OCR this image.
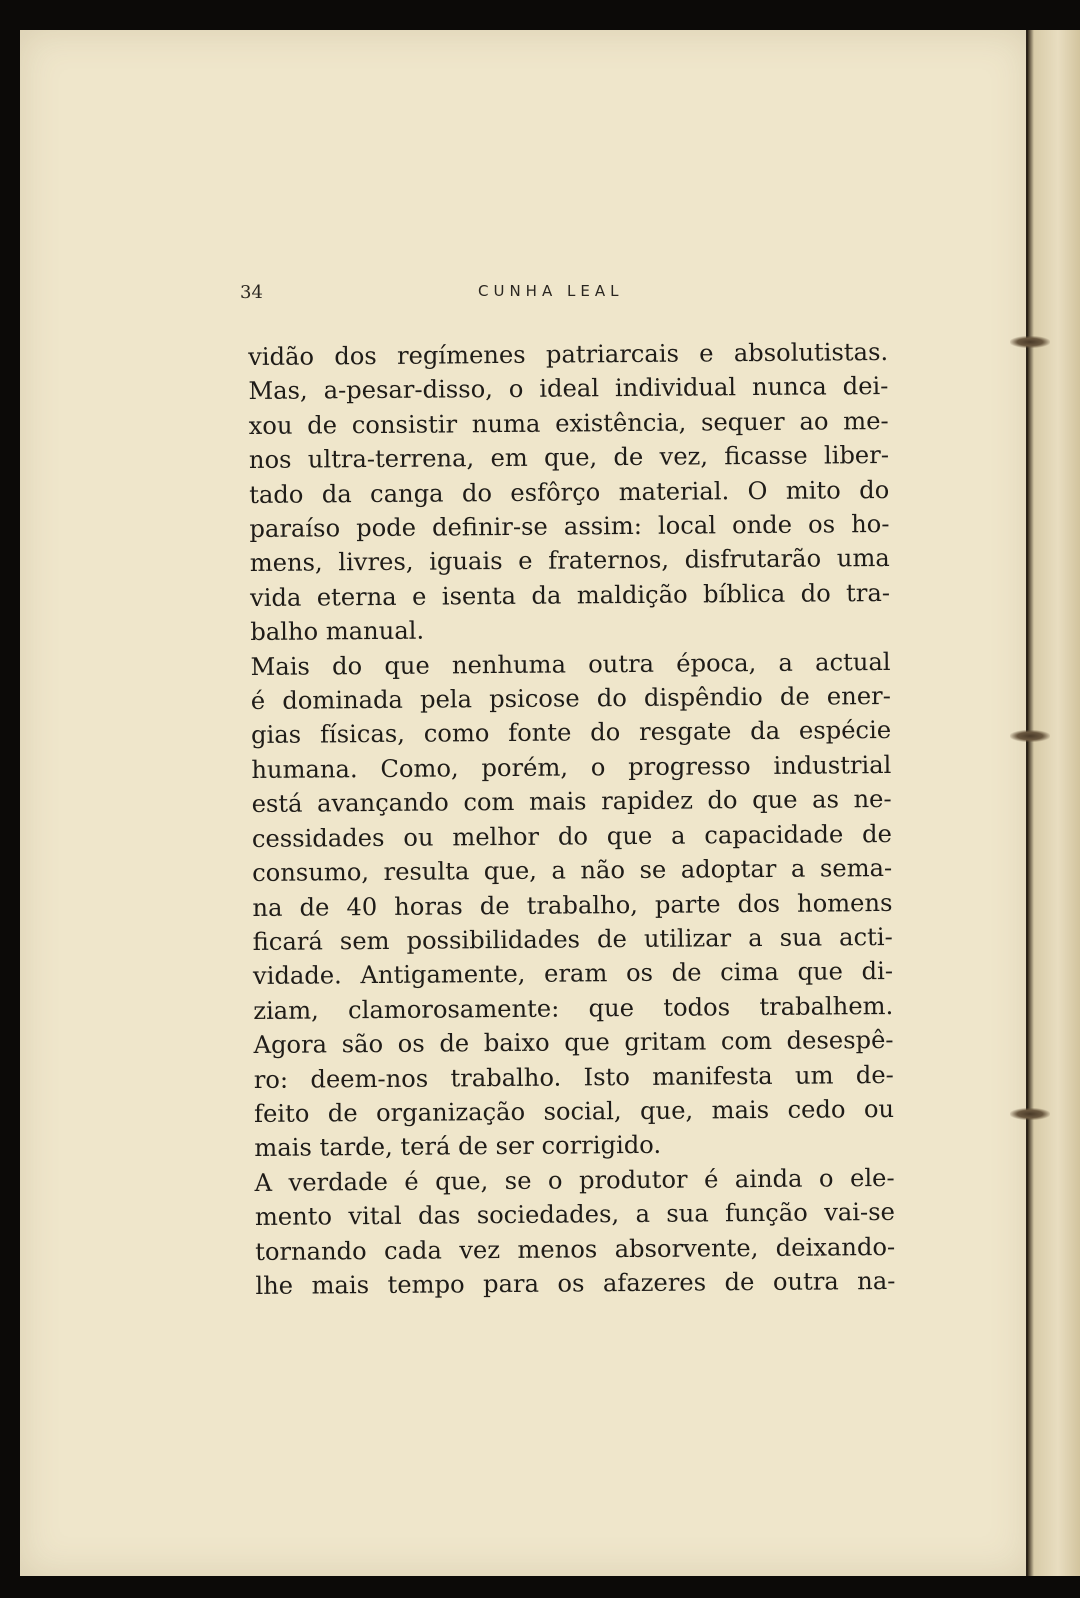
34	CUNHA LEAL
vidão dos regímenes patriarcais e absolutistas.
Mas, a-pesar-disso, o ideal individual nunca dei-
xou de consistir numa existência, sequer ao me-
nos ultra-terrena, em que, de vez, ficasse liber-
tado da canga do esfôrço material. O mito do
paraíso pode definir-se assim: local onde os ho-
mens, livres, iguais e fraternos, disfrutarão uma
vida eterna e isenta da maldição bíblica do tra-
balho manual.
Mais do que nenhuma outra época, a actual
é dominada pela psicose do dispêndio de ener-
gias físicas, como fonte do resgate da espécie
humana. Como, porém, o progresso industrial
está avançando com mais rapidez do que as ne-
cessidades ou melhor do que a capacidade de
consumo, resulta que, a não se adoptar a sema-
na de 40 horas de trabalho, parte dos homens
ficará sem possibilidades de utilizar a sua acti-
vidade. Antigamente, eram os de cima que di-
ziam, clamorosamente: que todos trabalhem.
Agora são os de baixo que gritam com desespê-
ro: deem-nos trabalho. Isto manifesta um de-
feito de organização social, que, mais cedo ou
mais tarde, terá de ser corrigido.
A verdade é que, se o produtor é ainda o ele-
mento vital das sociedades, a sua função vai-se
tornando cada vez menos absorvente, deixando-
lhe mais tempo para os afazeres de outra na-
